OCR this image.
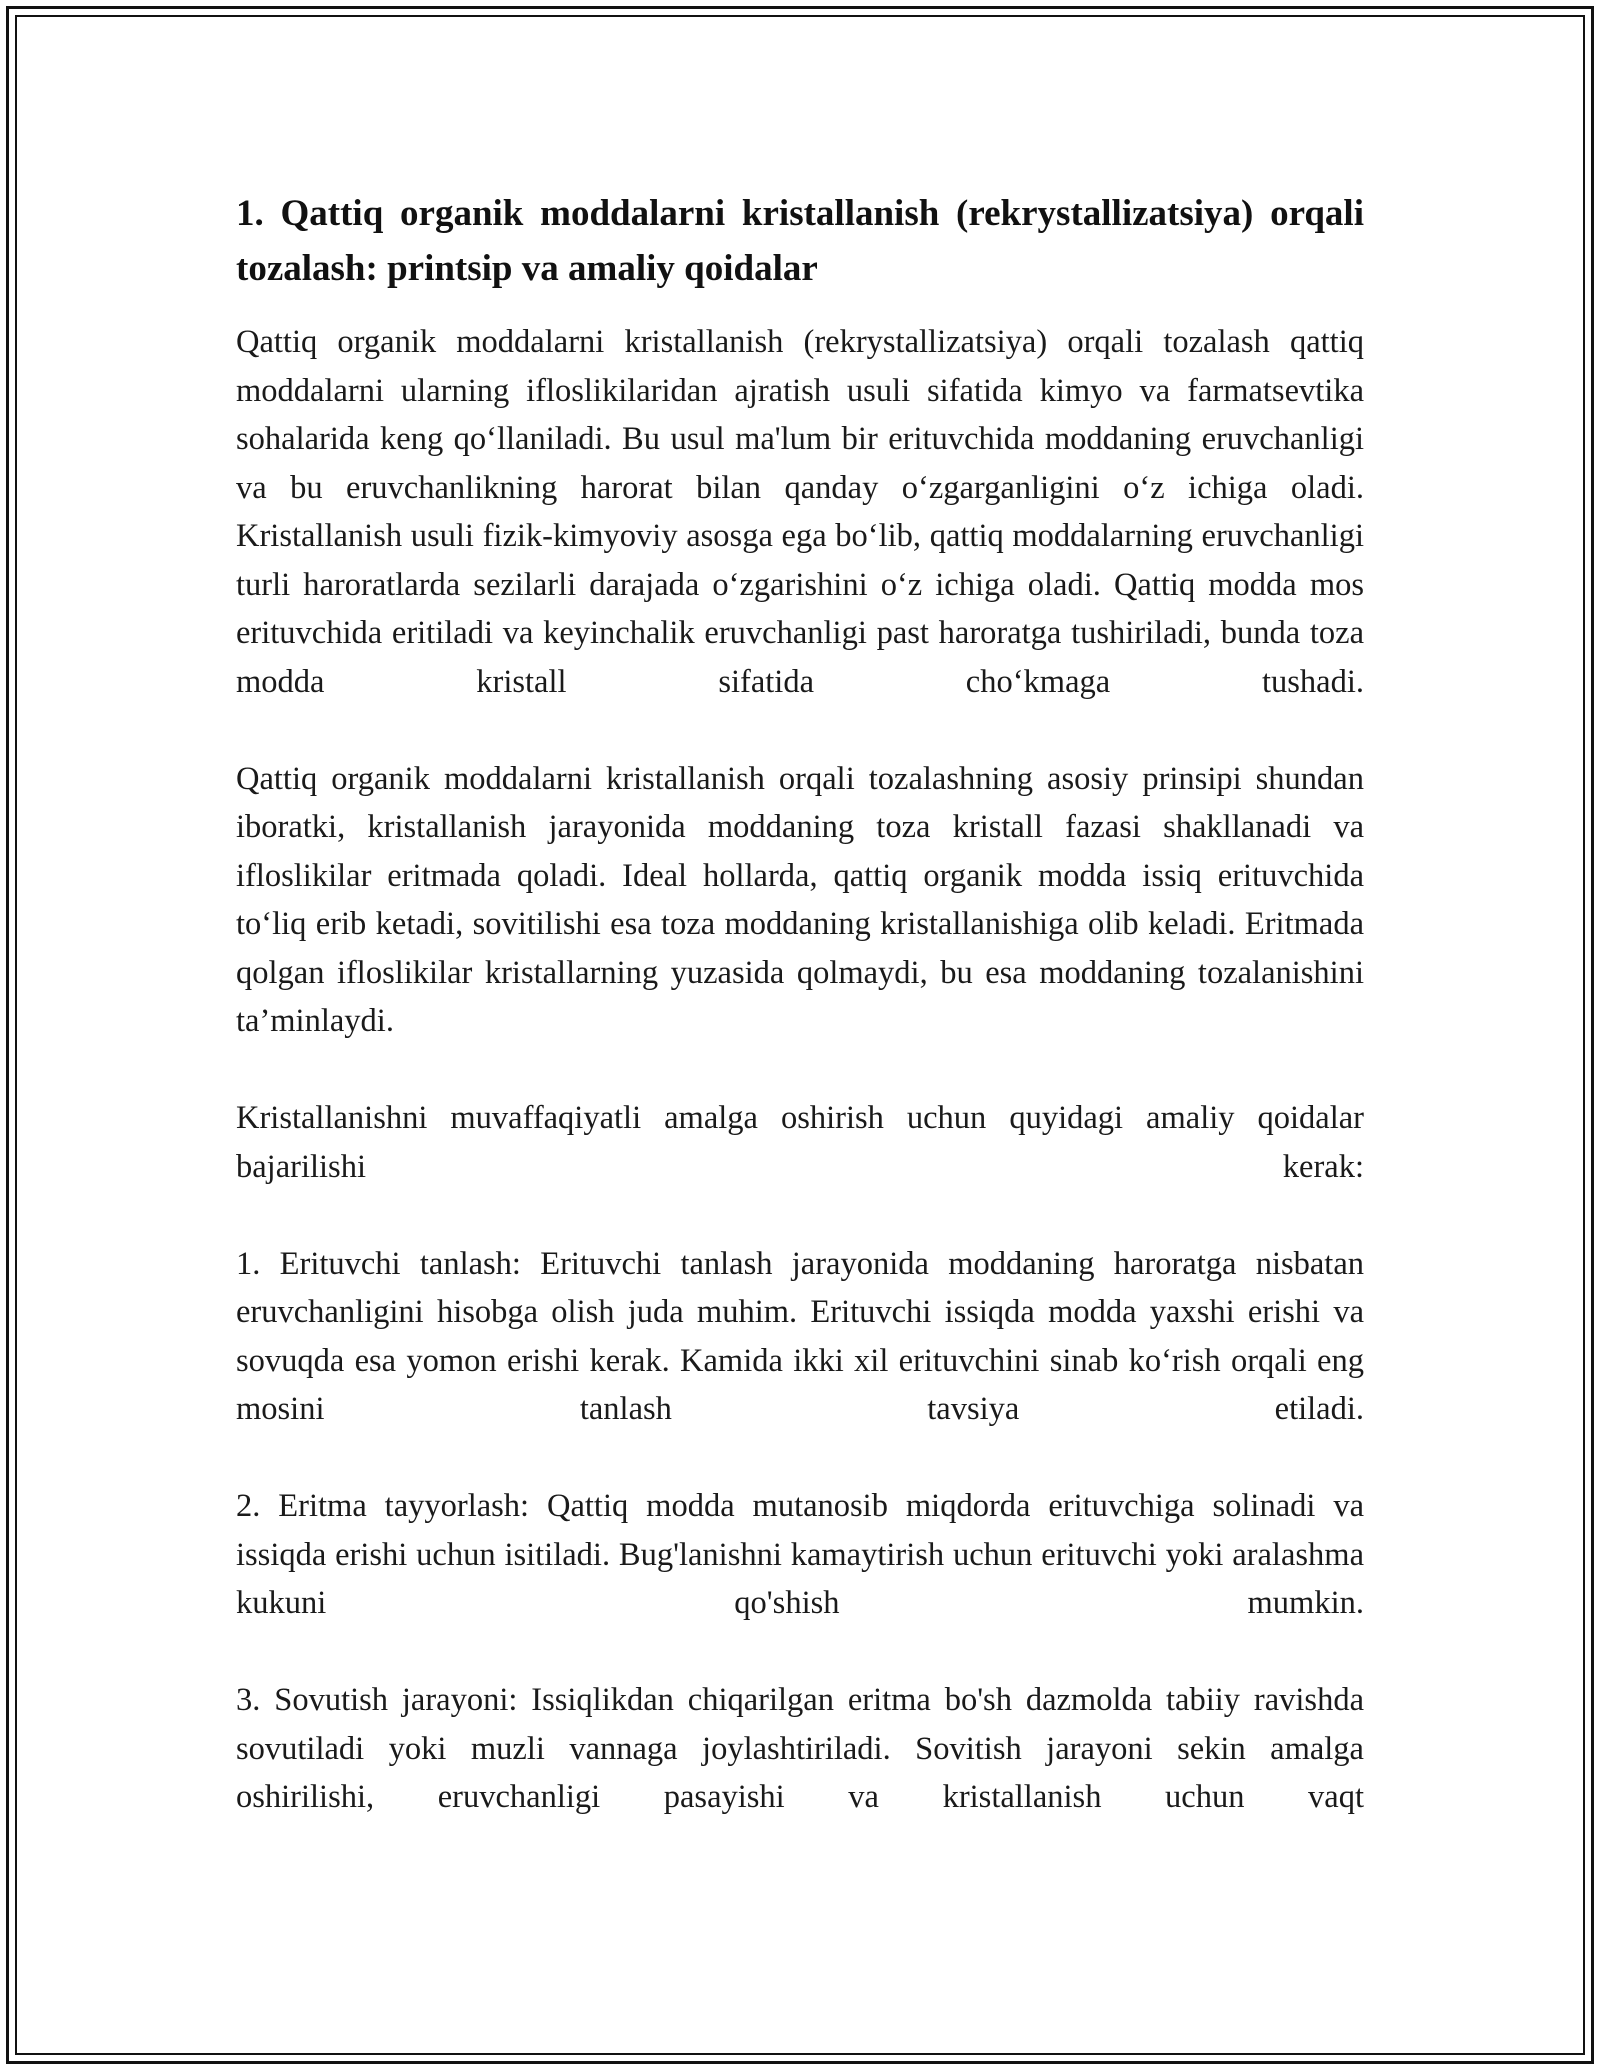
1. Qattiq organik moddalarni kristallanish (rekrystallizatsiya) orqali tozalash: printsip va amaliy qoidalar

Qattiq organik moddalarni kristallanish (rekrystallizatsiya) orqali tozalash qattiq moddalarni ularning ifloslikilaridan ajratish usuli sifatida kimyo va farmatsevtika sohalarida keng qo‘llaniladi. Bu usul ma'lum bir erituvchida moddaning eruvchanligi va bu eruvchanlikning harorat bilan qanday o‘zgarganligini o‘z ichiga oladi. Kristallanish usuli fizik-kimyoviy asosga ega bo‘lib, qattiq moddalarning eruvchanligi turli haroratlarda sezilarli darajada o‘zgarishini o‘z ichiga oladi. Qattiq modda mos erituvchida eritiladi va keyinchalik eruvchanligi past haroratga tushiriladi, bunda toza modda kristall sifatida cho‘kmaga tushadi.

Qattiq organik moddalarni kristallanish orqali tozalashning asosiy prinsipi shundan iboratki, kristallanish jarayonida moddaning toza kristall fazasi shakllanadi va ifloslikilar eritmada qoladi. Ideal hollarda, qattiq organik modda issiq erituvchida to‘liq erib ketadi, sovitilishi esa toza moddaning kristallanishiga olib keladi. Eritmada qolgan ifloslikilar kristallarning yuzasida qolmaydi, bu esa moddaning tozalanishini ta’minlaydi.

Kristallanishni muvaffaqiyatli amalga oshirish uchun quyidagi amaliy qoidalar bajarilishi kerak:

1. Erituvchi tanlash: Erituvchi tanlash jarayonida moddaning haroratga nisbatan eruvchanligini hisobga olish juda muhim. Erituvchi issiqda modda yaxshi erishi va sovuqda esa yomon erishi kerak. Kamida ikki xil erituvchini sinab ko‘rish orqali eng mosini tanlash tavsiya etiladi.

2. Eritma tayyorlash: Qattiq modda mutanosib miqdorda erituvchiga solinadi va issiqda erishi uchun isitiladi. Bug'lanishni kamaytirish uchun erituvchi yoki aralashma kukuni qo'shish mumkin.

3. Sovutish jarayoni: Issiqlikdan chiqarilgan eritma bo'sh dazmolda tabiiy ravishda sovutiladi yoki muzli vannaga joylashtiriladi. Sovitish jarayoni sekin amalga oshirilishi, eruvchanligi pasayishi va kristallanish uchun vaqt
